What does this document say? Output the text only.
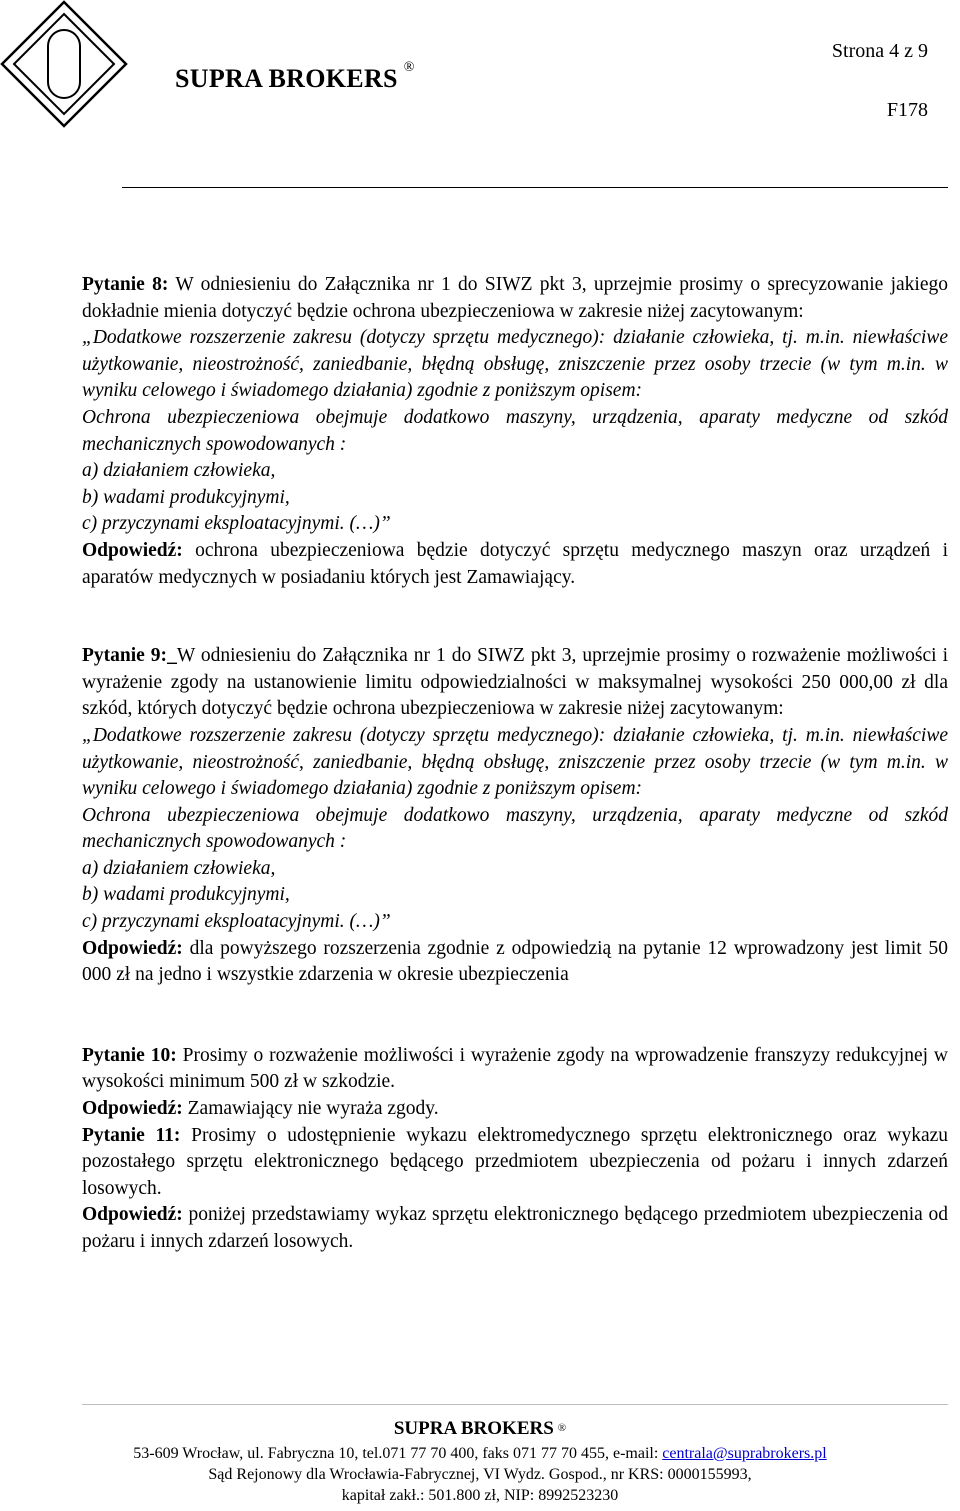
SUPRA BROKERS ®
Strona 4 z 9
F178

Pytanie 8: W odniesieniu do Załącznika nr 1 do SIWZ pkt 3, uprzejmie prosimy o sprecyzowanie jakiego dokładnie mienia dotyczyć będzie ochrona ubezpieczeniowa w zakresie niżej zacytowanym:

„Dodatkowe rozszerzenie zakresu (dotyczy sprzętu medycznego): działanie człowieka, tj. m.in. niewłaściwe użytkowanie, nieostrożność, zaniedbanie, błędną obsługę, zniszczenie przez osoby trzecie (w tym m.in. w wyniku celowego i świadomego działania) zgodnie z poniższym opisem:

Ochrona ubezpieczeniowa obejmuje dodatkowo maszyny, urządzenia, aparaty medyczne od szkód mechanicznych spowodowanych :

a) działaniem człowieka,

b) wadami produkcyjnymi,

c) przyczynami eksploatacyjnymi. (…)”

Odpowiedź: ochrona ubezpieczeniowa będzie dotyczyć sprzętu medycznego maszyn oraz urządzeń i aparatów medycznych w posiadaniu których jest Zamawiający.

Pytanie 9:_W odniesieniu do Załącznika nr 1 do SIWZ pkt 3, uprzejmie prosimy o rozważenie możliwości i wyrażenie zgody na ustanowienie limitu odpowiedzialności w maksymalnej wysokości 250 000,00 zł dla szkód, których dotyczyć będzie ochrona ubezpieczeniowa w zakresie niżej zacytowanym:

„Dodatkowe rozszerzenie zakresu (dotyczy sprzętu medycznego): działanie człowieka, tj. m.in. niewłaściwe użytkowanie, nieostrożność, zaniedbanie, błędną obsługę, zniszczenie przez osoby trzecie (w tym m.in. w wyniku celowego i świadomego działania) zgodnie z poniższym opisem:

Ochrona ubezpieczeniowa obejmuje dodatkowo maszyny, urządzenia, aparaty medyczne od szkód mechanicznych spowodowanych :

a) działaniem człowieka,

b) wadami produkcyjnymi,

c) przyczynami eksploatacyjnymi. (…)”

Odpowiedź: dla powyższego rozszerzenia zgodnie z odpowiedzią na pytanie 12 wprowadzony jest limit 50 000 zł na jedno i wszystkie zdarzenia w okresie ubezpieczenia

Pytanie 10: Prosimy o rozważenie możliwości i wyrażenie zgody na wprowadzenie franszyzy redukcyjnej w wysokości minimum 500 zł w szkodzie.

Odpowiedź: Zamawiający nie wyraża zgody.

Pytanie 11: Prosimy o udostępnienie wykazu elektromedycznego sprzętu elektronicznego oraz wykazu pozostałego sprzętu elektronicznego będącego przedmiotem ubezpieczenia od pożaru i innych zdarzeń losowych.

Odpowiedź: poniżej przedstawiamy wykaz sprzętu elektronicznego będącego przedmiotem ubezpieczenia od pożaru i innych zdarzeń losowych.

SUPRA BROKERS ®
53-609 Wrocław, ul. Fabryczna 10, tel.071 77 70 400, faks 071 77 70 455, e-mail: centrala@suprabrokers.pl
Sąd Rejonowy dla Wrocławia-Fabrycznej, VI Wydz. Gospod., nr KRS: 0000155993,
kapitał zakł.: 501.800 zł, NIP: 8992523230
